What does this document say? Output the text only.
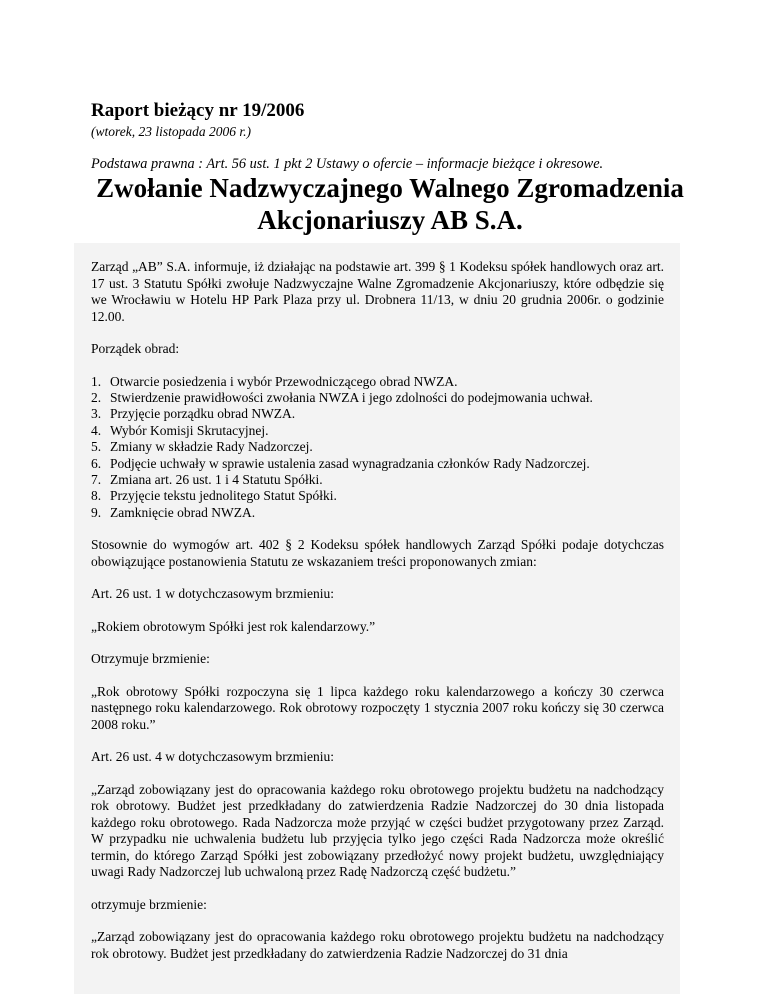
Raport bieżący nr 19/2006
(wtorek, 23 listopada 2006 r.)
Podstawa prawna : Art. 56 ust. 1 pkt 2 Ustawy o ofercie – informacje bieżące i okresowe.
Zwołanie Nadzwyczajnego Walnego Zgromadzenia Akcjonariuszy AB S.A.

Zarząd „AB” S.A. informuje, iż działając na podstawie art. 399 § 1 Kodeksu spółek handlowych oraz art. 17 ust. 3 Statutu Spółki zwołuje Nadzwyczajne Walne Zgromadzenie Akcjonariuszy, które odbędzie się we Wrocławiu w Hotelu HP Park Plaza przy ul. Drobnera 11/13, w dniu 20 grudnia 2006r. o godzinie 12.00.

Porządek obrad:

1. Otwarcie posiedzenia i wybór Przewodniczącego obrad NWZA.
2. Stwierdzenie prawidłowości zwołania NWZA i jego zdolności do podejmowania uchwał.
3. Przyjęcie porządku obrad NWZA.
4. Wybór Komisji Skrutacyjnej.
5. Zmiany w składzie Rady Nadzorczej.
6. Podjęcie uchwały w sprawie ustalenia zasad wynagradzania członków Rady Nadzorczej.
7. Zmiana art. 26 ust. 1 i 4 Statutu Spółki.
8. Przyjęcie tekstu jednolitego Statut Spółki.
9. Zamknięcie obrad NWZA.

Stosownie do wymogów art. 402 § 2 Kodeksu spółek handlowych Zarząd Spółki podaje dotychczas obowiązujące postanowienia Statutu ze wskazaniem treści proponowanych zmian:

Art. 26 ust. 1 w dotychczasowym brzmieniu:

„Rokiem obrotowym Spółki jest rok kalendarzowy.”

Otrzymuje brzmienie:

„Rok obrotowy Spółki rozpoczyna się 1 lipca każdego roku kalendarzowego a kończy 30 czerwca następnego roku kalendarzowego. Rok obrotowy rozpoczęty 1 stycznia 2007 roku kończy się 30 czerwca 2008 roku.”

Art. 26 ust. 4 w dotychczasowym brzmieniu:

„Zarząd zobowiązany jest do opracowania każdego roku obrotowego projektu budżetu na nadchodzący rok obrotowy. Budżet jest przedkładany do zatwierdzenia Radzie Nadzorczej do 30 dnia listopada każdego roku obrotowego. Rada Nadzorcza może przyjąć w części budżet przygotowany przez Zarząd. W przypadku nie uchwalenia budżetu lub przyjęcia tylko jego części Rada Nadzorcza może określić termin, do którego Zarząd Spółki jest zobowiązany przedłożyć nowy projekt budżetu, uwzględniający uwagi Rady Nadzorczej lub uchwaloną przez Radę Nadzorczą część budżetu.”

otrzymuje brzmienie:

„Zarząd zobowiązany jest do opracowania każdego roku obrotowego projektu budżetu na nadchodzący rok obrotowy. Budżet jest przedkładany do zatwierdzenia Radzie Nadzorczej do 31 dnia
